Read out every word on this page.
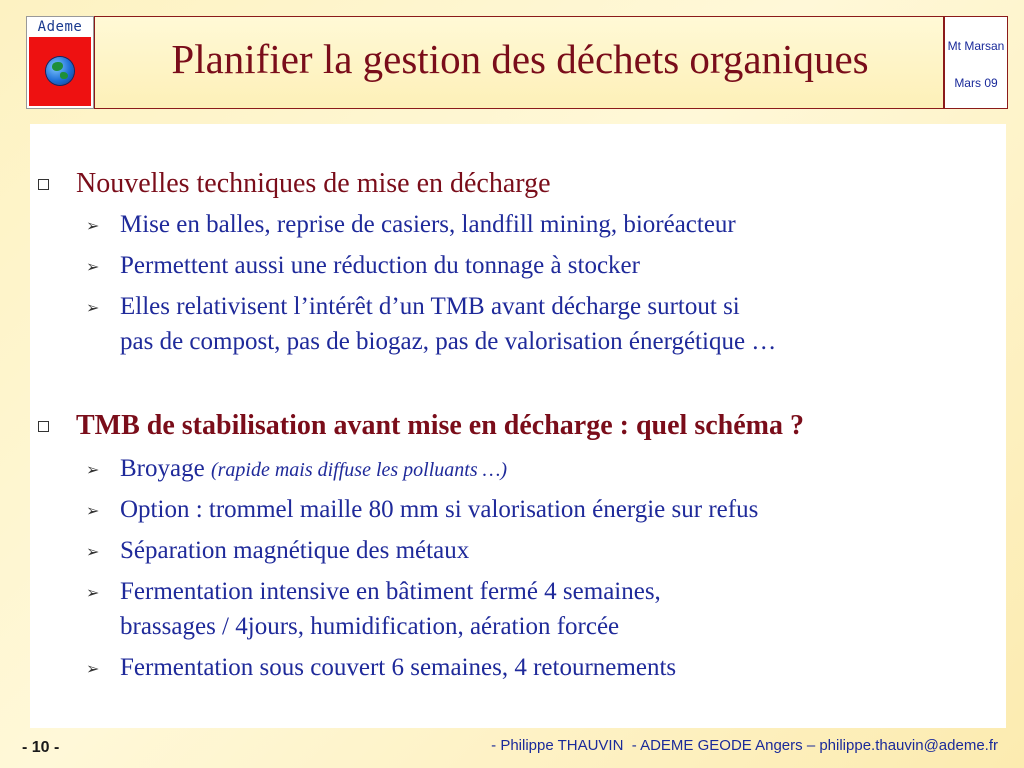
Ademe
Planifier la gestion des déchets organiques	Mt Marsan
Mars 09
Nouvelles techniques de mise en décharge
➢ Mise en balles, reprise de casiers, landfill mining, bioréacteur
➢ Permettent aussi une réduction du tonnage à stocker
➢ Elles relativisent l’intérêt d’un TMB avant décharge surtout si
pas de compost, pas de biogaz, pas de valorisation énergétique …
TMB de stabilisation avant mise en décharge : quel schéma ?
➢ Broyage (rapide mais diffuse les polluants …)
➢ Option : trommel maille 80 mm si valorisation énergie sur refus
➢ Séparation magnétique des métaux
➢ Fermentation intensive en bâtiment fermé 4 semaines,
brassages / 4jours, humidification, aération forcée
➢ Fermentation sous couvert 6 semaines, 4 retournements
- 10 -	- Philippe THAUVIN  - ADEME GEODE Angers – philippe.thauvin@ademe.fr
